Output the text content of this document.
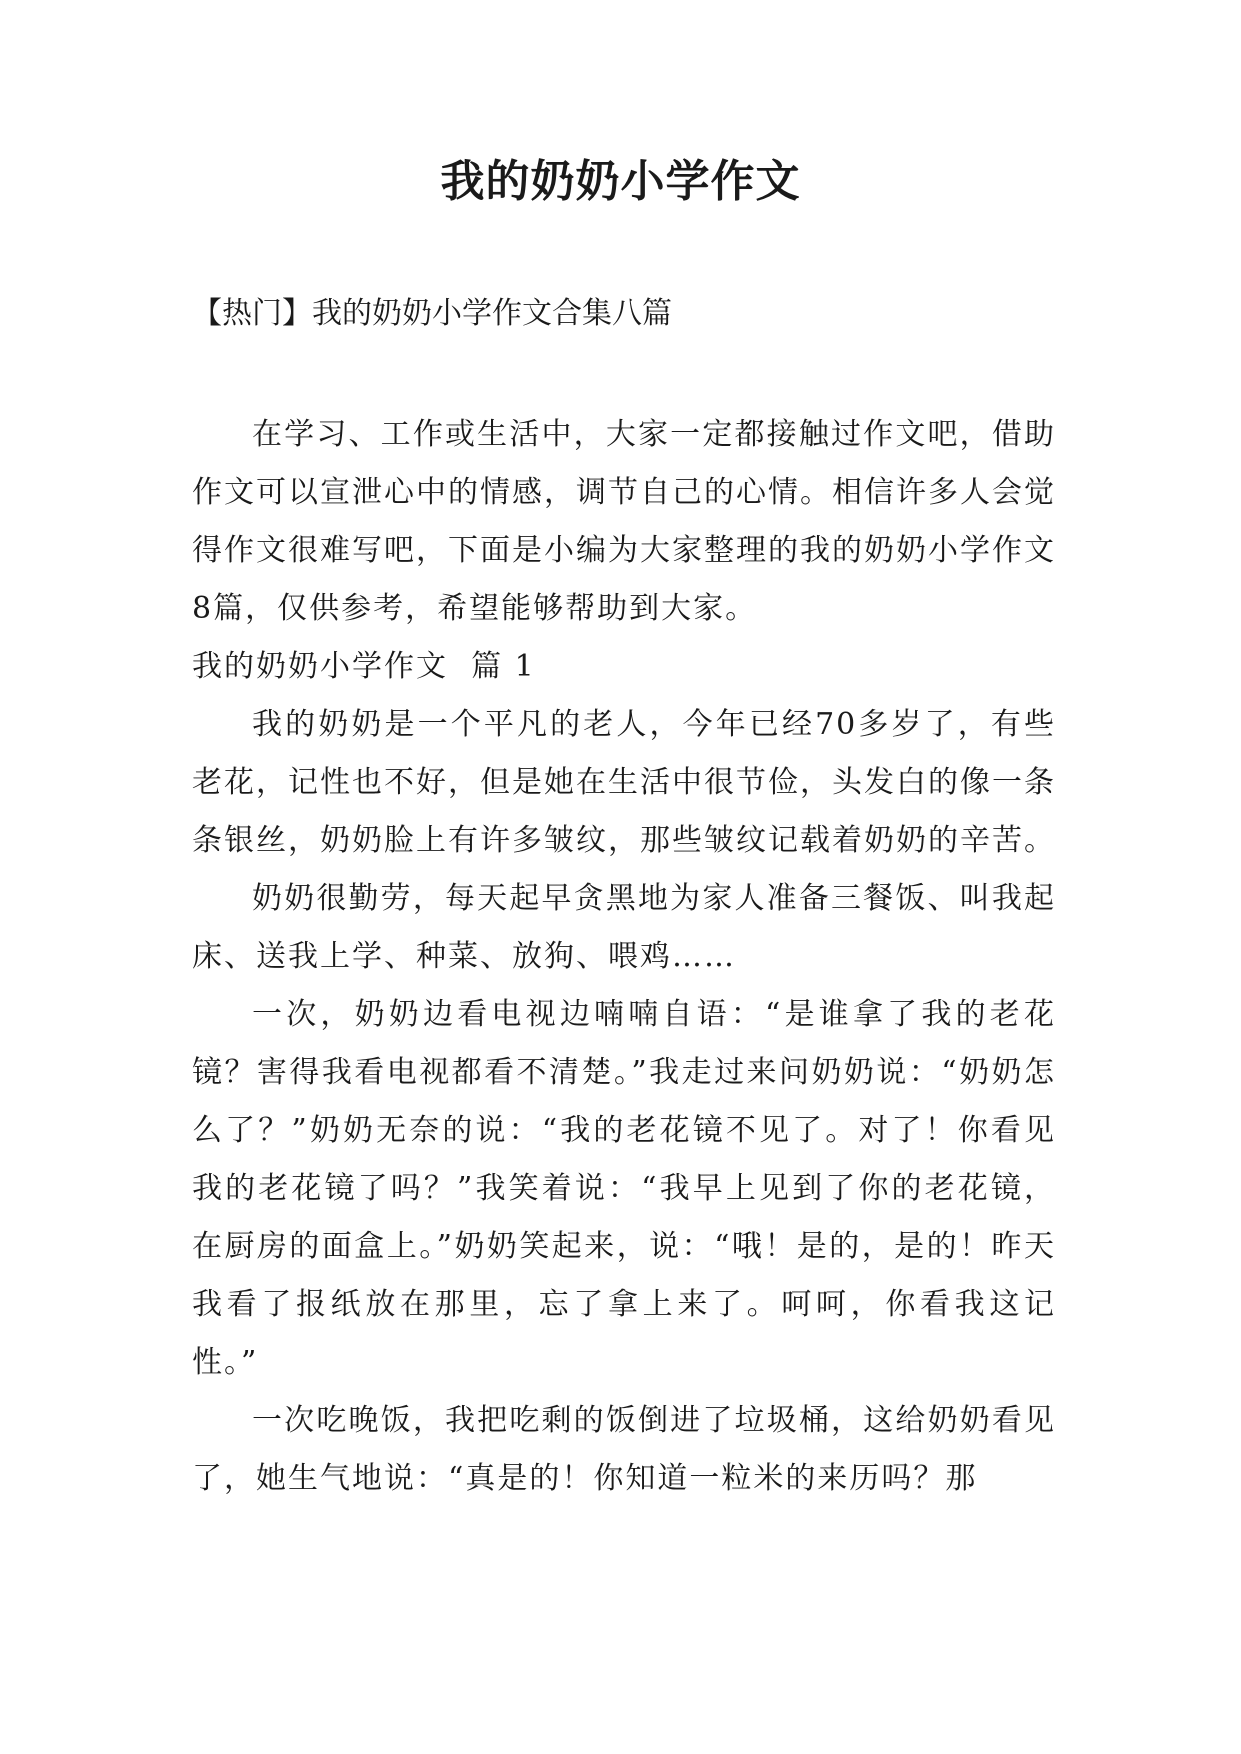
我的奶奶小学作文
【热门】我的奶奶小学作文合集八篇

在学习、工作或生活中，大家一定都接触过作文吧，借助作文可以宣泄心中的情感，调节自己的心情。相信许多人会觉得作文很难写吧，下面是小编为大家整理的我的奶奶小学作文8篇，仅供参考，希望能够帮助到大家。

我的奶奶小学作文  篇 1

我的奶奶是一个平凡的老人，今年已经70多岁了，有些老花，记性也不好，但是她在生活中很节俭，头发白的像一条条银丝，奶奶脸上有许多皱纹，那些皱纹记载着奶奶的辛苦。

奶奶很勤劳，每天起早贪黑地为家人准备三餐饭、叫我起床、送我上学、种菜、放狗、喂鸡……

一次，奶奶边看电视边喃喃自语：“是谁拿了我的老花镜？害得我看电视都看不清楚。”我走过来问奶奶说：“奶奶怎么了？”奶奶无奈的说：“我的老花镜不见了。对了！你看见我的老花镜了吗？”我笑着说：“我早上见到了你的老花镜，在厨房的面盒上。”奶奶笑起来，说：“哦！是的，是的！昨天我看了报纸放在那里，忘了拿上来了。呵呵，你看我这记性。”

一次吃晚饭，我把吃剩的饭倒进了垃圾桶，这给奶奶看见了，她生气地说：“真是的！你知道一粒米的来历吗？那
